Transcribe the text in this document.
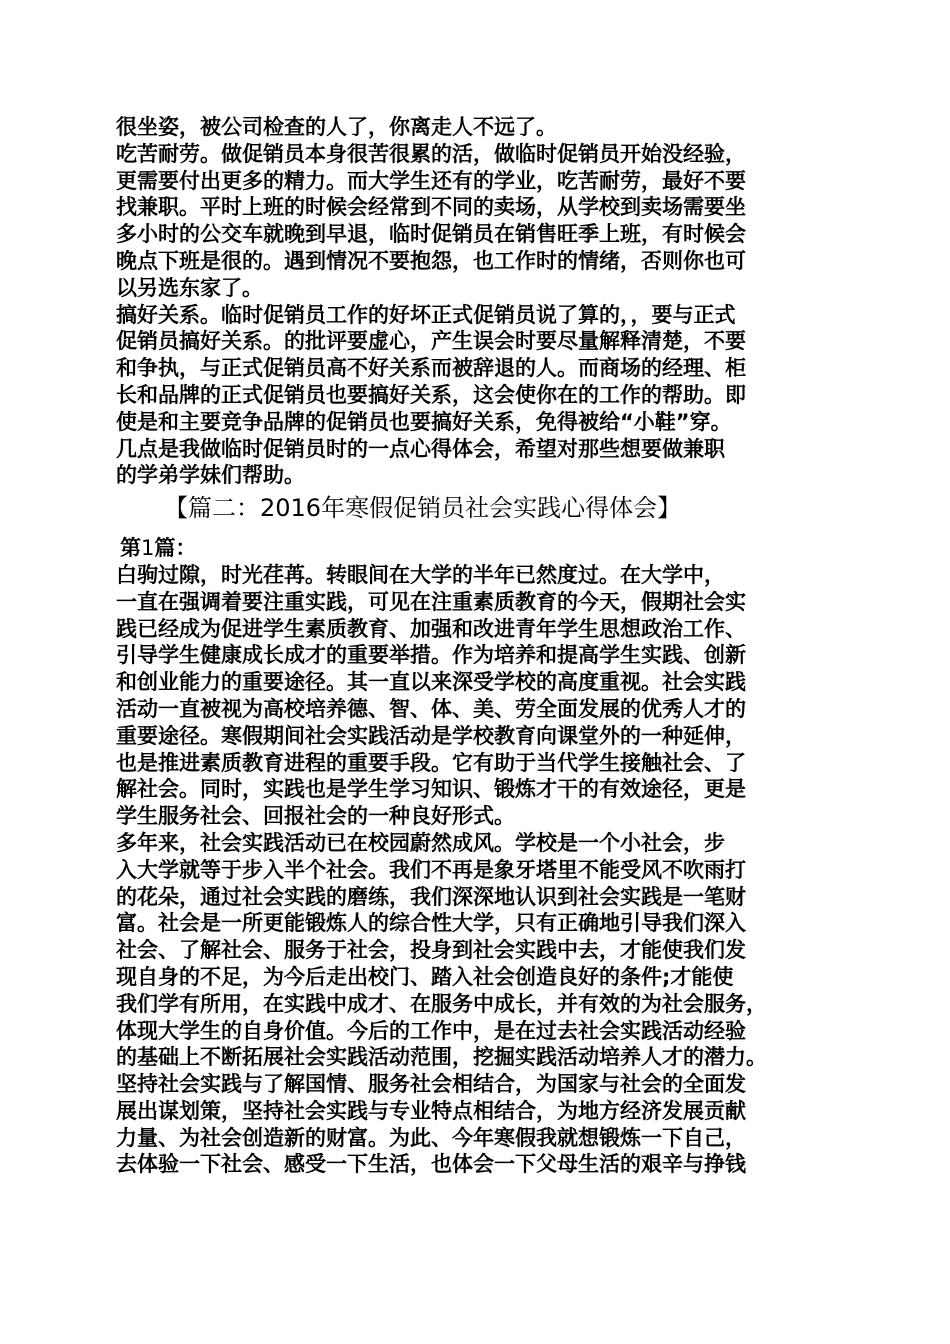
很坐姿，被公司检查的人了，你离走人不远了。
吃苦耐劳。做促销员本身很苦很累的活，做临时促销员开始没经验，
更需要付出更多的精力。而大学生还有的学业，吃苦耐劳，最好不要
找兼职。平时上班的时候会经常到不同的卖场，从学校到卖场需要坐
多小时的公交车就晚到早退，临时促销员在销售旺季上班，有时候会
晚点下班是很的。遇到情况不要抱怨，也工作时的情绪，否则你也可
以另选东家了。
搞好关系。临时促销员工作的好坏正式促销员说了算的，，要与正式
促销员搞好关系。的批评要虚心，产生误会时要尽量解释清楚，不要
和争执，与正式促销员高不好关系而被辞退的人。而商场的经理、柜
长和品牌的正式促销员也要搞好关系，这会使你在的工作的帮助。即
使是和主要竞争品牌的促销员也要搞好关系，免得被给“小鞋”穿。
几点是我做临时促销员时的一点心得体会，希望对那些想要做兼职
的学弟学妹们帮助。
【篇二：2016年寒假促销员社会实践心得体会】
第1篇：
白驹过隙，时光荏苒。转眼间在大学的半年已然度过。在大学中，
一直在强调着要注重实践，可见在注重素质教育的今天，假期社会实
践已经成为促进学生素质教育、加强和改进青年学生思想政治工作、
引导学生健康成长成才的重要举措。作为培养和提高学生实践、创新
和创业能力的重要途径。其一直以来深受学校的高度重视。社会实践
活动一直被视为高校培养德、智、体、美、劳全面发展的优秀人才的
重要途径。寒假期间社会实践活动是学校教育向课堂外的一种延伸，
也是推进素质教育进程的重要手段。它有助于当代学生接触社会、了
解社会。同时，实践也是学生学习知识、锻炼才干的有效途径，更是
学生服务社会、回报社会的一种良好形式。
多年来，社会实践活动已在校园蔚然成风。学校是一个小社会，步
入大学就等于步入半个社会。我们不再是象牙塔里不能受风不吹雨打
的花朵，通过社会实践的磨练，我们深深地认识到社会实践是一笔财
富。社会是一所更能锻炼人的综合性大学，只有正确地引导我们深入
社会、了解社会、服务于社会，投身到社会实践中去，才能使我们发
现自身的不足，为今后走出校门、踏入社会创造良好的条件;才能使
我们学有所用，在实践中成才、在服务中成长，并有效的为社会服务，
体现大学生的自身价值。今后的工作中，是在过去社会实践活动经验
的基础上不断拓展社会实践活动范围，挖掘实践活动培养人才的潜力。
坚持社会实践与了解国情、服务社会相结合，为国家与社会的全面发
展出谋划策，坚持社会实践与专业特点相结合，为地方经济发展贡献
力量、为社会创造新的财富。为此、今年寒假我就想锻炼一下自己，
去体验一下社会、感受一下生活，也体会一下父母生活的艰辛与挣钱
